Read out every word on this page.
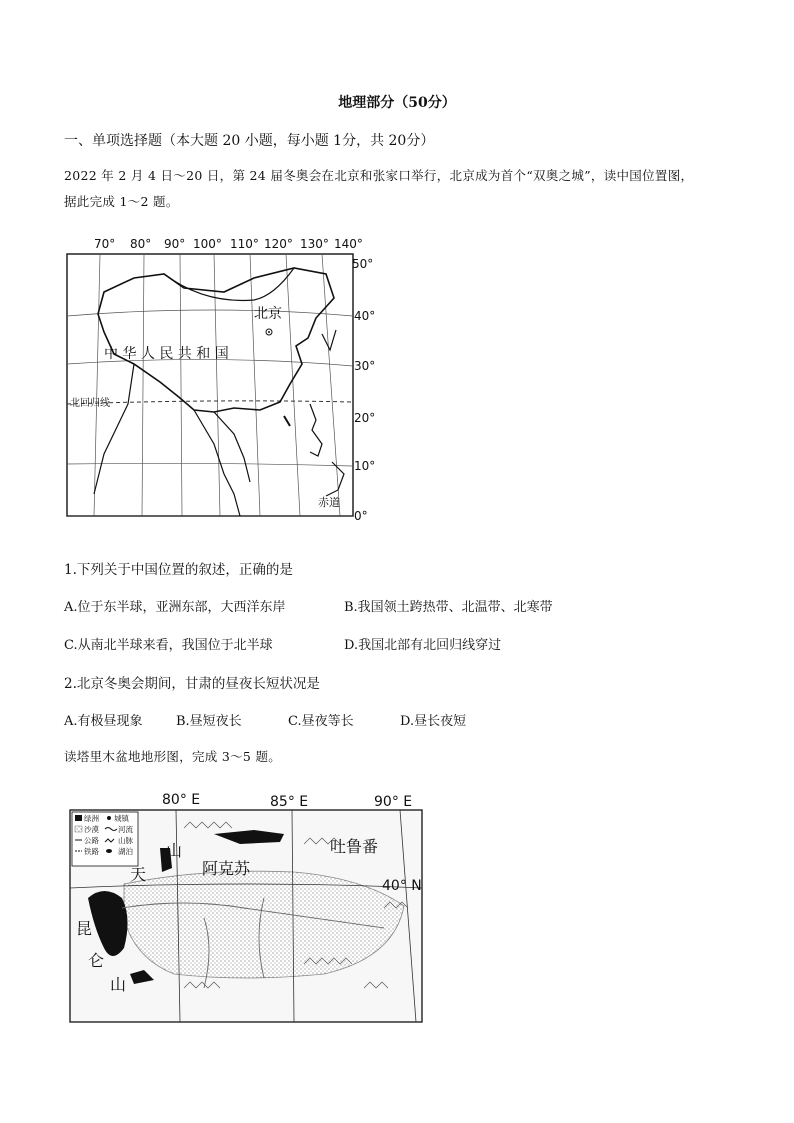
地理部分（50分）
一、单项选择题（本大题 20 小题，每小题 1分，共 20分）
2022 年 2 月 4 日～20 日，第 24 届冬奥会在北京和张家口举行，北京成为首个“双奥之城”，读中国位置图，
据此完成 1～2 题。
70° 80° 90° 100° 110° 120° 130° 140°
50°
40°
30°
20°
10°
0°
北京
中 华 人 民 共 和 国
北回归线
赤道
1.下列关于中国位置的叙述，正确的是
A.位于东半球，亚洲东部，大西洋东岸	B.我国领土跨热带、北温带、北寒带
C.从南北半球来看，我国位于北半球	D.我国北部有北回归线穿过
2.北京冬奥会期间，甘肃的昼夜长短状况是
A.有极昼现象	B.昼短夜长	C.昼夜等长	D.昼长夜短
读塔里木盆地地形图，完成 3～5 题。
绿洲 城镇
沙漠	河流
公路	山脉
铁路	湖泊
80° E	85° E	90° E
40° N
吐鲁番
阿克苏
天
山
昆
仑
山
